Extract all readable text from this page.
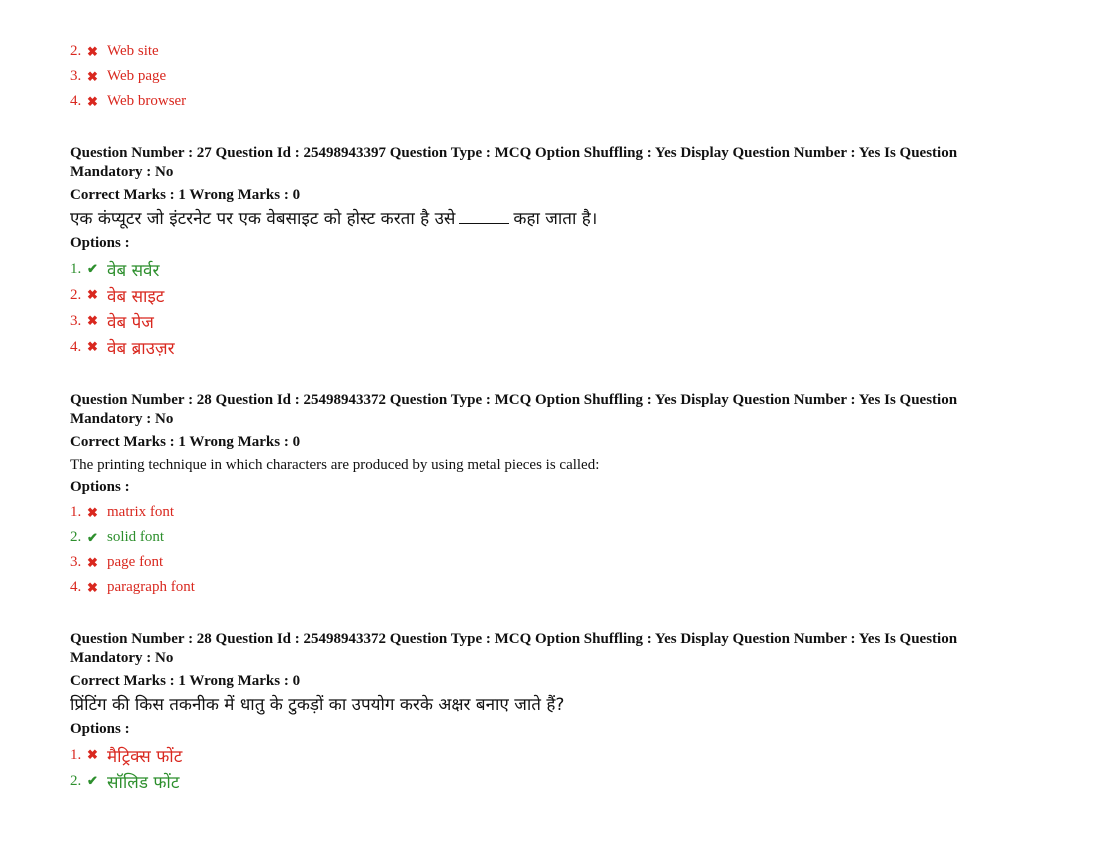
2. ✖ Web site
3. ✖ Web page
4. ✖ Web browser

Question Number : 27 Question Id : 25498943397 Question Type : MCQ Option Shuffling : Yes Display Question Number : Yes Is Question Mandatory : No

Correct Marks : 1 Wrong Marks : 0
एक कंप्यूटर जो इंटरनेट पर एक वेबसाइट को होस्ट करता है उसे	कहा जाता है।
Options :
1. ✔ वेब सर्वर
2. ✖ वेब साइट
3. ✖ वेब पेज
4. ✖ वेब ब्राउज़र

Question Number : 28 Question Id : 25498943372 Question Type : MCQ Option Shuffling : Yes Display Question Number : Yes Is Question Mandatory : No

Correct Marks : 1 Wrong Marks : 0
The printing technique in which characters are produced by using metal pieces is called:
Options :
1. ✖ matrix font
2. ✔ solid font
3. ✖ page font
4. ✖ paragraph font

Question Number : 28 Question Id : 25498943372 Question Type : MCQ Option Shuffling : Yes Display Question Number : Yes Is Question Mandatory : No

Correct Marks : 1 Wrong Marks : 0
प्रिंटिंग की किस तकनीक में धातु के टुकड़ों का उपयोग करके अक्षर बनाए जाते हैं?
Options :
1. ✖ मैट्रिक्स फोंट
2. ✔ सॉलिड फोंट
